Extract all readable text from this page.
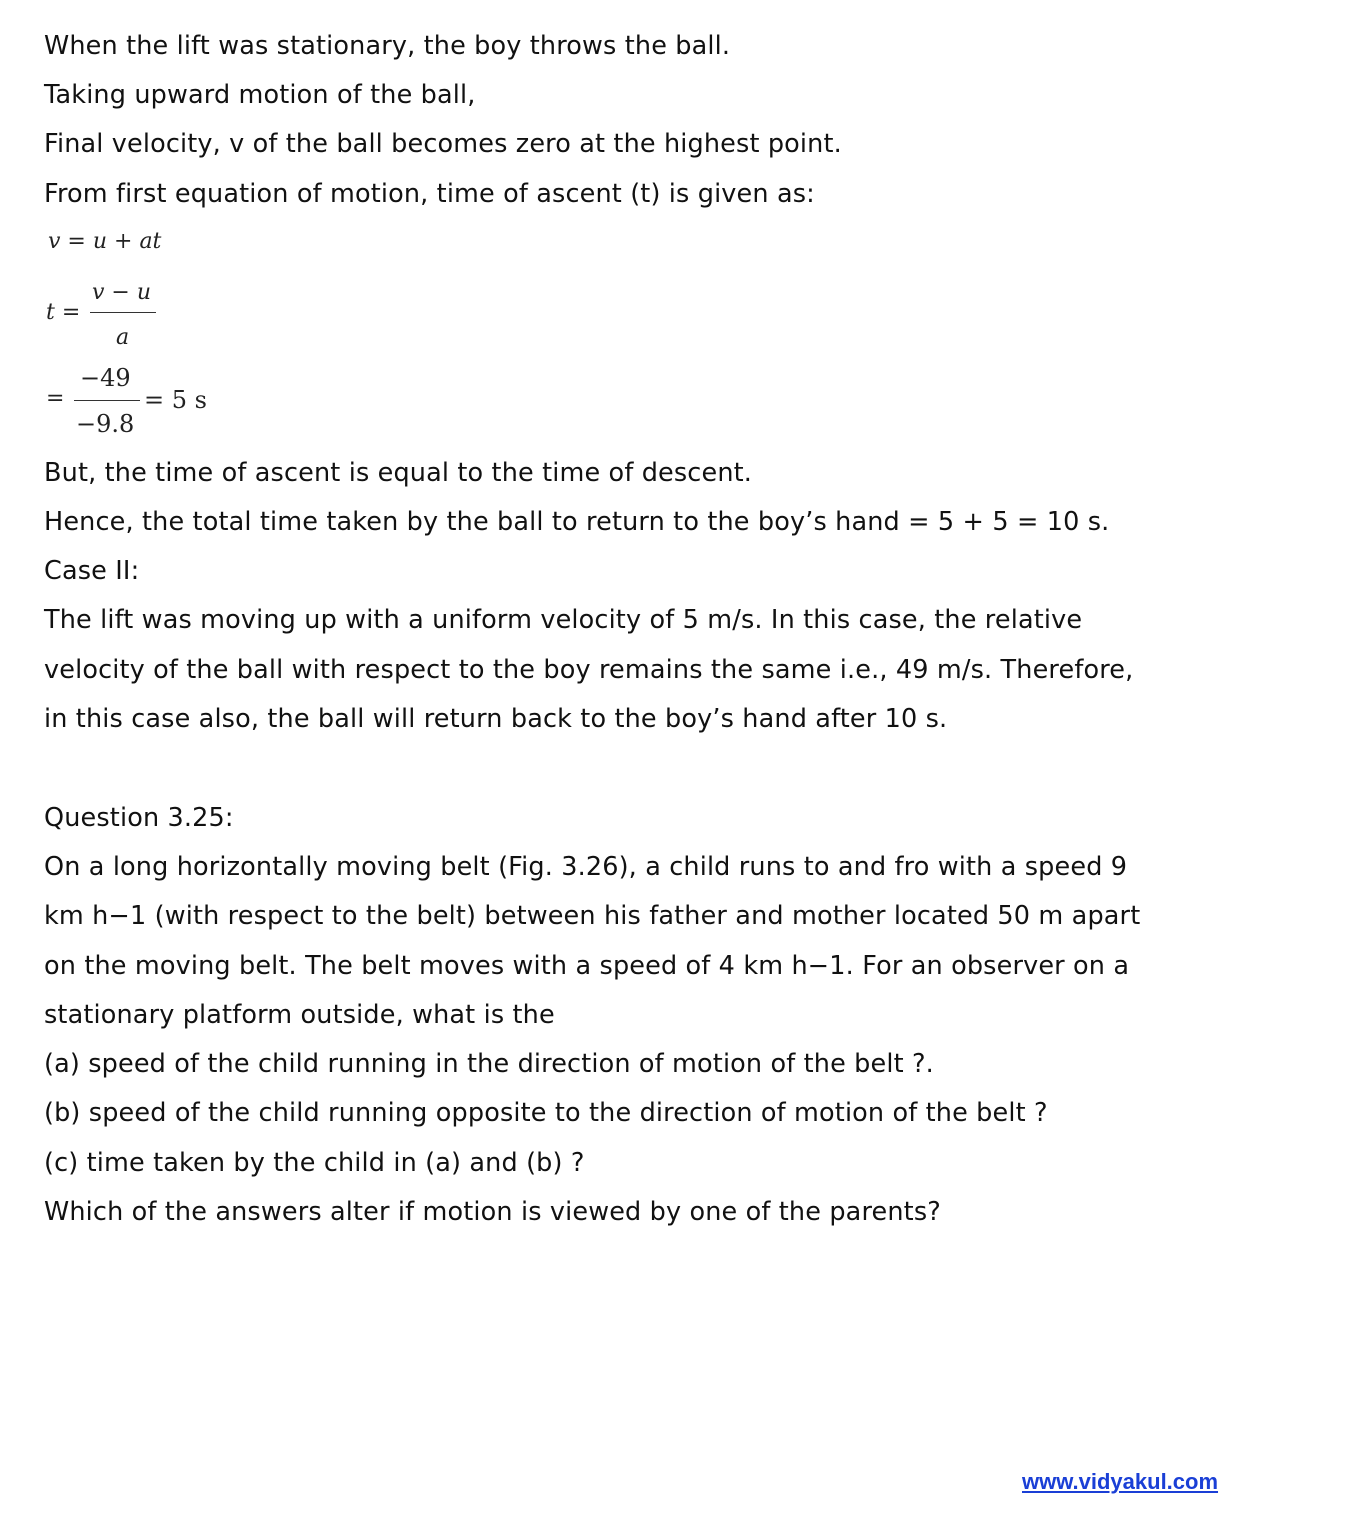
When the lift was stationary, the boy throws the ball.
Taking upward motion of the ball,
Final velocity, v of the ball becomes zero at the highest point.
From first equation of motion, time of ascent (t) is given as:
v = u + at
t =
v − u
a
=
−49
−9.8
= 5 s
But, the time of ascent is equal to the time of descent.
Hence, the total time taken by the ball to return to the boy’s hand = 5 + 5 = 10 s.
Case II:
The lift was moving up with a uniform velocity of 5 m/s. In this case, the relative
velocity of the ball with respect to the boy remains the same i.e., 49 m/s. Therefore,
in this case also, the ball will return back to the boy’s hand after 10 s.
Question 3.25:
On a long horizontally moving belt (Fig. 3.26), a child runs to and fro with a speed 9
km h−1 (with respect to the belt) between his father and mother located 50 m apart
on the moving belt. The belt moves with a speed of 4 km h−1. For an observer on a
stationary platform outside, what is the
(a) speed of the child running in the direction of motion of the belt ?.
(b) speed of the child running opposite to the direction of motion of the belt ?
(c) time taken by the child in (a) and (b) ?
Which of the answers alter if motion is viewed by one of the parents?
www.vidyakul.com
